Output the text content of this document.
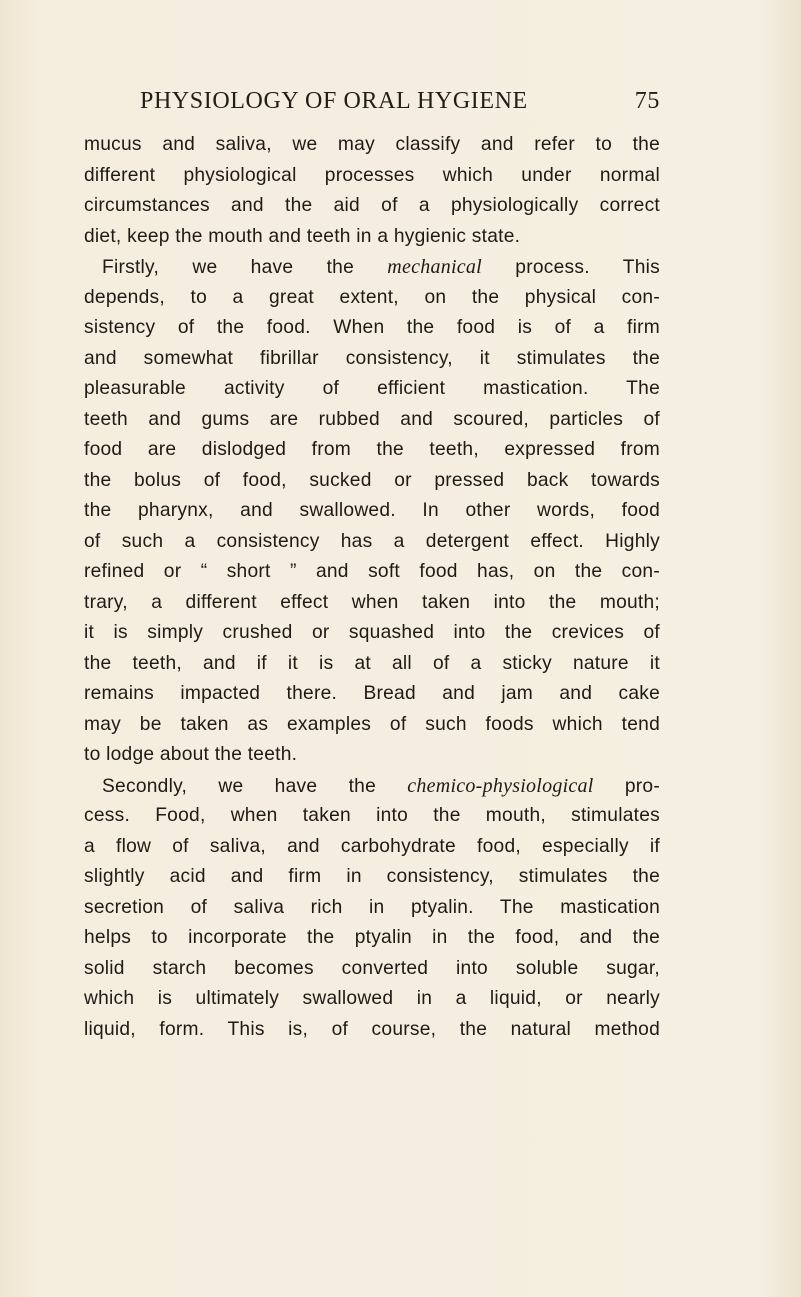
PHYSIOLOGY OF ORAL HYGIENE	75
mucus and saliva, we may classify and refer to the
different physiological processes which under normal
circumstances and the aid of a physiologically correct
diet, keep the mouth and teeth in a hygienic state.
Firstly, we have the mechanical process. This
depends, to a great extent, on the physical con-
sistency of the food. When the food is of a firm
and somewhat fibrillar consistency, it stimulates the
pleasurable activity of efficient mastication. The
teeth and gums are rubbed and scoured, particles of
food are dislodged from the teeth, expressed from
the bolus of food, sucked or pressed back towards
the pharynx, and swallowed. In other words, food
of such a consistency has a detergent effect. Highly
refined or “ short ” and soft food has, on the con-
trary, a different effect when taken into the mouth;
it is simply crushed or squashed into the crevices of
the teeth, and if it is at all of a sticky nature it
remains impacted there. Bread and jam and cake
may be taken as examples of such foods which tend
to lodge about the teeth.
Secondly, we have the chemico-physiological pro-
cess. Food, when taken into the mouth, stimulates
a flow of saliva, and carbohydrate food, especially if
slightly acid and firm in consistency, stimulates the
secretion of saliva rich in ptyalin. The mastication
helps to incorporate the ptyalin in the food, and the
solid starch becomes converted into soluble sugar,
which is ultimately swallowed in a liquid, or nearly
liquid, form. This is, of course, the natural method
